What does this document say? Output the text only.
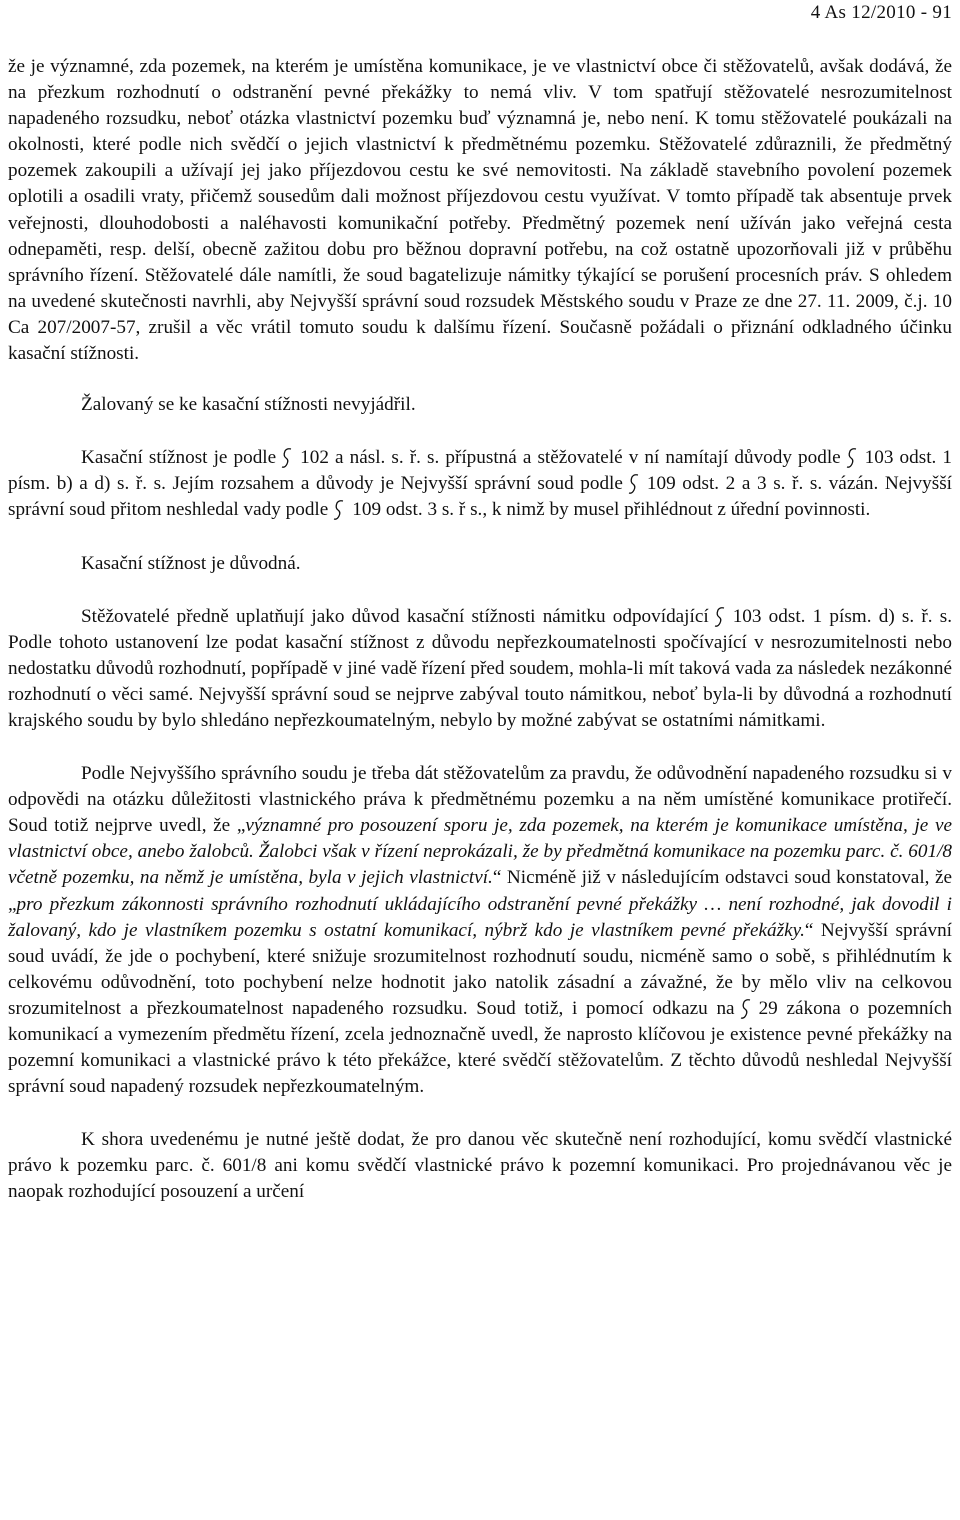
4 As 12/2010 - 91

že je významné, zda pozemek, na kterém je umístěna komunikace, je ve vlastnictví obce či stěžovatelů, avšak dodává, že na přezkum rozhodnutí o odstranění pevné překážky to nemá vliv. V tom spatřují stěžovatelé nesrozumitelnost napadeného rozsudku, neboť otázka vlastnictví pozemku buď významná je, nebo není. K tomu stěžovatelé poukázali na okolnosti, které podle nich svědčí o jejich vlastnictví k předmětnému pozemku. Stěžovatelé zdůraznili, že předmětný pozemek zakoupili a užívají jej jako příjezdovou cestu ke své nemovitosti. Na základě stavebního povolení pozemek oplotili a osadili vraty, přičemž sousedům dali možnost příjezdovou cestu využívat. V tomto případě tak absentuje prvek veřejnosti, dlouhodobosti a naléhavosti komunikační potřeby. Předmětný pozemek není užíván jako veřejná cesta odnepaměti, resp. delší, obecně zažitou dobu pro běžnou dopravní potřebu, na což ostatně upozorňovali již v průběhu správního řízení. Stěžovatelé dále namítli, že soud bagatelizuje námitky týkající se porušení procesních práv. S ohledem na uvedené skutečnosti navrhli, aby Nejvyšší správní soud rozsudek Městského soudu v Praze ze dne 27. 11. 2009, č.j. 10 Ca 207/2007-57, zrušil a věc vrátil tomuto soudu k dalšímu řízení. Současně požádali o přiznání odkladného účinku kasační stížnosti.

Žalovaný se ke kasační stížnosti nevyjádřil.

Kasační stížnost je podle 102 a násl. s. ř. s. přípustná a stěžovatelé v ní namítají důvody podle 103 odst. 1 písm. b) a d) s. ř. s. Jejím rozsahem a důvody je Nejvyšší správní soud podle 109 odst. 2 a 3 s. ř. s. vázán. Nejvyšší správní soud přitom neshledal vady podle 109 odst. 3 s. ř s., k nimž by musel přihlédnout z úřední povinnosti.

Kasační stížnost je důvodná.

Stěžovatelé předně uplatňují jako důvod kasační stížnosti námitku odpovídající 103 odst. 1 písm. d) s. ř. s. Podle tohoto ustanovení lze podat kasační stížnost z důvodu nepřezkoumatelnosti spočívající v nesrozumitelnosti nebo nedostatku důvodů rozhodnutí, popřípadě v jiné vadě řízení před soudem, mohla-li mít taková vada za následek nezákonné rozhodnutí o věci samé. Nejvyšší správní soud se nejprve zabýval touto námitkou, neboť byla-li by důvodná a rozhodnutí krajského soudu by bylo shledáno nepřezkoumatelným, nebylo by možné zabývat se ostatními námitkami.

Podle Nejvyššího správního soudu je třeba dát stěžovatelům za pravdu, že odůvodnění napadeného rozsudku si v odpovědi na otázku důležitosti vlastnického práva k předmětnému pozemku a na něm umístěné komunikace protiřečí. Soud totiž nejprve uvedl, že „významné pro posouzení sporu je, zda pozemek, na kterém je komunikace umístěna, je ve vlastnictví obce, anebo žalobců. Žalobci však v řízení neprokázali, že by předmětná komunikace na pozemku parc. č. 601/8 včetně pozemku, na němž je umístěna, byla v jejich vlastnictví.“ Nicméně již v následujícím odstavci soud konstatoval, že „pro přezkum zákonnosti správního rozhodnutí ukládajícího odstranění pevné překážky … není rozhodné, jak dovodil i žalovaný, kdo je vlastníkem pozemku s ostatní komunikací, nýbrž kdo je vlastníkem pevné překážky.“ Nejvyšší správní soud uvádí, že jde o pochybení, které snižuje srozumitelnost rozhodnutí soudu, nicméně samo o sobě, s přihlédnutím k celkovému odůvodnění, toto pochybení nelze hodnotit jako natolik zásadní a závažné, že by mělo vliv na celkovou srozumitelnost a přezkoumatelnost napadeného rozsudku. Soud totiž, i pomocí odkazu na 29 zákona o pozemních komunikací a vymezením předmětu řízení, zcela jednoznačně uvedl, že naprosto klíčovou je existence pevné překážky na pozemní komunikaci a vlastnické právo k této překážce, které svědčí stěžovatelům. Z těchto důvodů neshledal Nejvyšší správní soud napadený rozsudek nepřezkoumatelným.

K shora uvedenému je nutné ještě dodat, že pro danou věc skutečně není rozhodující, komu svědčí vlastnické právo k pozemku parc. č. 601/8 ani komu svědčí vlastnické právo k pozemní komunikaci. Pro projednávanou věc je naopak rozhodující posouzení a určení
